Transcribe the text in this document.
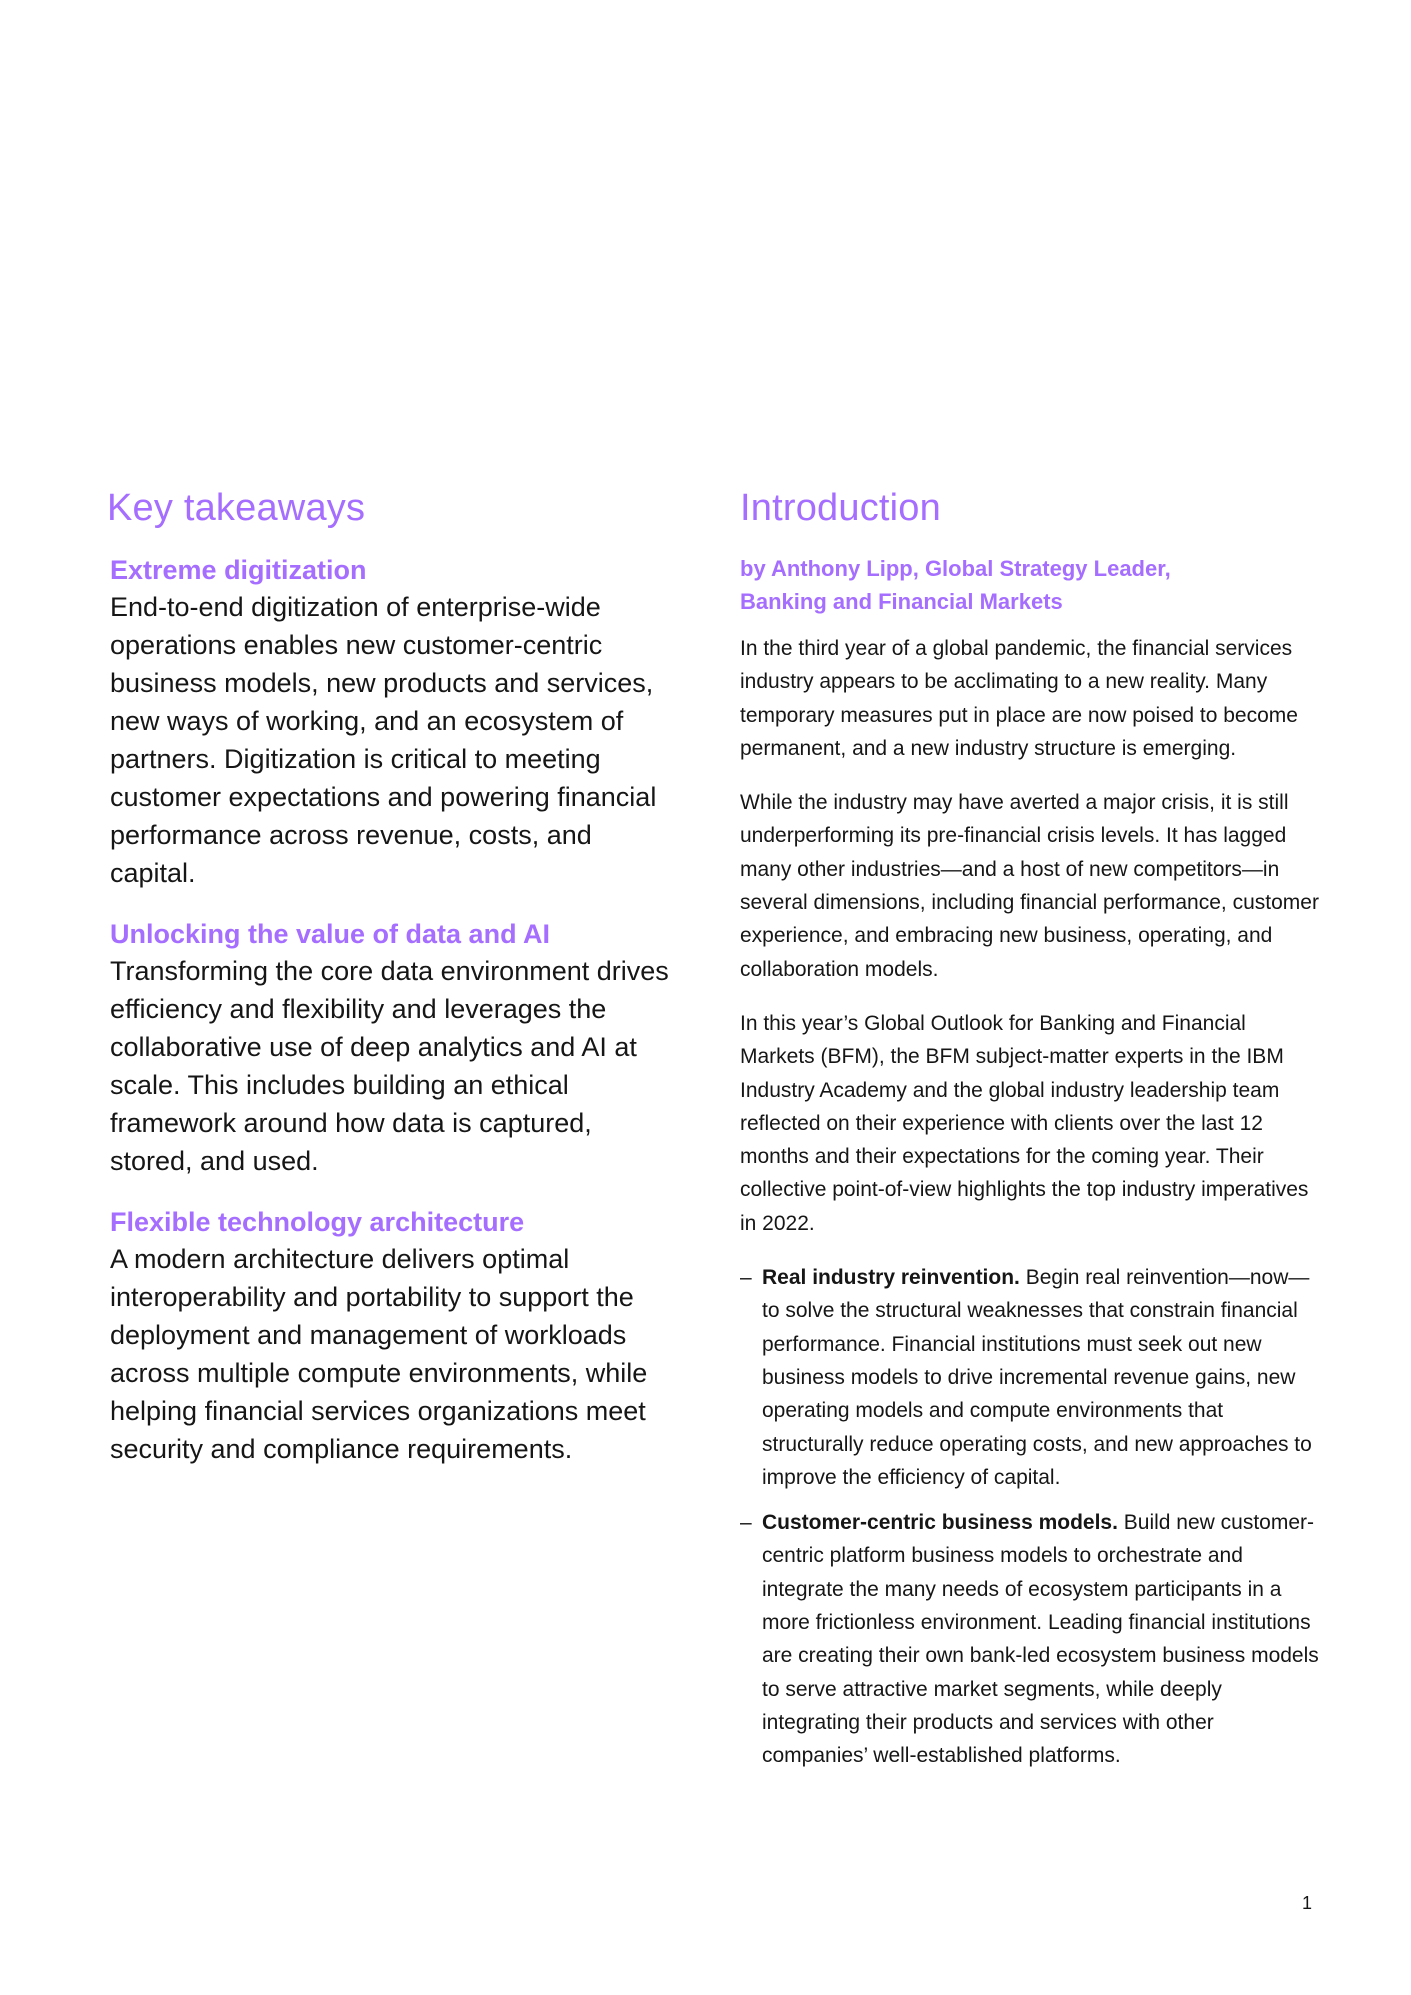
Key takeaways

Extreme digitization

End-to-end digitization of enterprise-wide operations enables new customer-centric business models, new products and services, new ways of working, and an ecosystem of partners. Digitization is critical to meeting customer expectations and powering financial performance across revenue, costs, and capital.

Unlocking the value of data and AI

Transforming the core data environment drives efficiency and flexibility and leverages the collaborative use of deep analytics and AI at scale. This includes building an ethical framework around how data is captured, stored, and used.

Flexible technology architecture

A modern architecture delivers optimal interoperability and portability to support the deployment and management of workloads across multiple compute environments, while helping financial services organizations meet security and compliance requirements.

Introduction

by Anthony Lipp, Global Strategy Leader,
Banking and Financial Markets

In the third year of a global pandemic, the financial services industry appears to be acclimating to a new reality. Many temporary measures put in place are now poised to become permanent, and a new industry structure is emerging.

While the industry may have averted a major crisis, it is still underperforming its pre-financial crisis levels. It has lagged many other industries—and a host of new competitors—in several dimensions, including financial performance, customer experience, and embracing new business, operating, and collaboration models.

In this year’s Global Outlook for Banking and Financial Markets (BFM), the BFM subject-matter experts in the IBM Industry Academy and the global industry leadership team reflected on their experience with clients over the last 12 months and their expectations for the coming year. Their collective point-of-view highlights the top industry imperatives in 2022.

– Real industry reinvention. Begin real reinvention—now—to solve the structural weaknesses that constrain financial performance. Financial institutions must seek out new business models to drive incremental revenue gains, new operating models and compute environments that structurally reduce operating costs, and new approaches to improve the efficiency of capital.
– Customer-centric business models. Build new customer-centric platform business models to orchestrate and integrate the many needs of ecosystem participants in a more frictionless environment. Leading financial institutions are creating their own bank-led ecosystem business models to serve attractive market segments, while deeply integrating their products and services with other companies’ well-established platforms.
1
